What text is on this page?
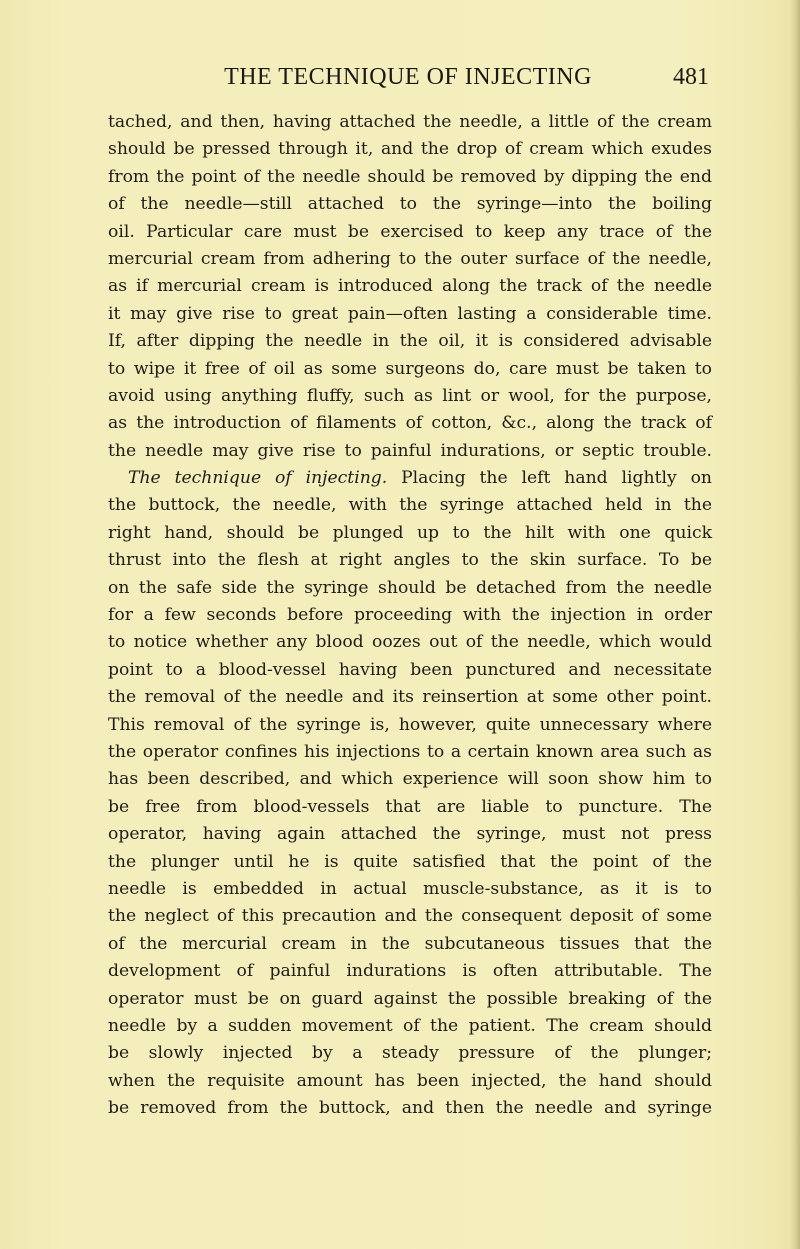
THE TECHNIQUE OF INJECTING	481
tached, and then, having attached the needle, a little of the cream
should be pressed through it, and the drop of cream which exudes
from the point of the needle should be removed by dipping the end
of the needle—still attached to the syringe—into the boiling
oil. Particular care must be exercised to keep any trace of the
mercurial cream from adhering to the outer surface of the needle,
as if mercurial cream is introduced along the track of the needle
it may give rise to great pain—often lasting a considerable time.
If, after dipping the needle in the oil, it is considered advisable
to wipe it free of oil as some surgeons do, care must be taken to
avoid using anything fluffy, such as lint or wool, for the purpose,
as the introduction of filaments of cotton, &c., along the track of
the needle may give rise to painful indurations, or septic trouble.
The technique of injecting. Placing the left hand lightly on
the buttock, the needle, with the syringe attached held in the
right hand, should be plunged up to the hilt with one quick
thrust into the flesh at right angles to the skin surface. To be
on the safe side the syringe should be detached from the needle
for a few seconds before proceeding with the injection in order
to notice whether any blood oozes out of the needle, which would
point to a blood-vessel having been punctured and necessitate
the removal of the needle and its reinsertion at some other point.
This removal of the syringe is, however, quite unnecessary where
the operator confines his injections to a certain known area such as
has been described, and which experience will soon show him to
be free from blood-vessels that are liable to puncture. The
operator, having again attached the syringe, must not press
the plunger until he is quite satisfied that the point of the
needle is embedded in actual muscle-substance, as it is to
the neglect of this precaution and the consequent deposit of some
of the mercurial cream in the subcutaneous tissues that the
development of painful indurations is often attributable. The
operator must be on guard against the possible breaking of the
needle by a sudden movement of the patient. The cream should
be slowly injected by a steady pressure of the plunger;
when the requisite amount has been injected, the hand should
be removed from the buttock, and then the needle and syringe
